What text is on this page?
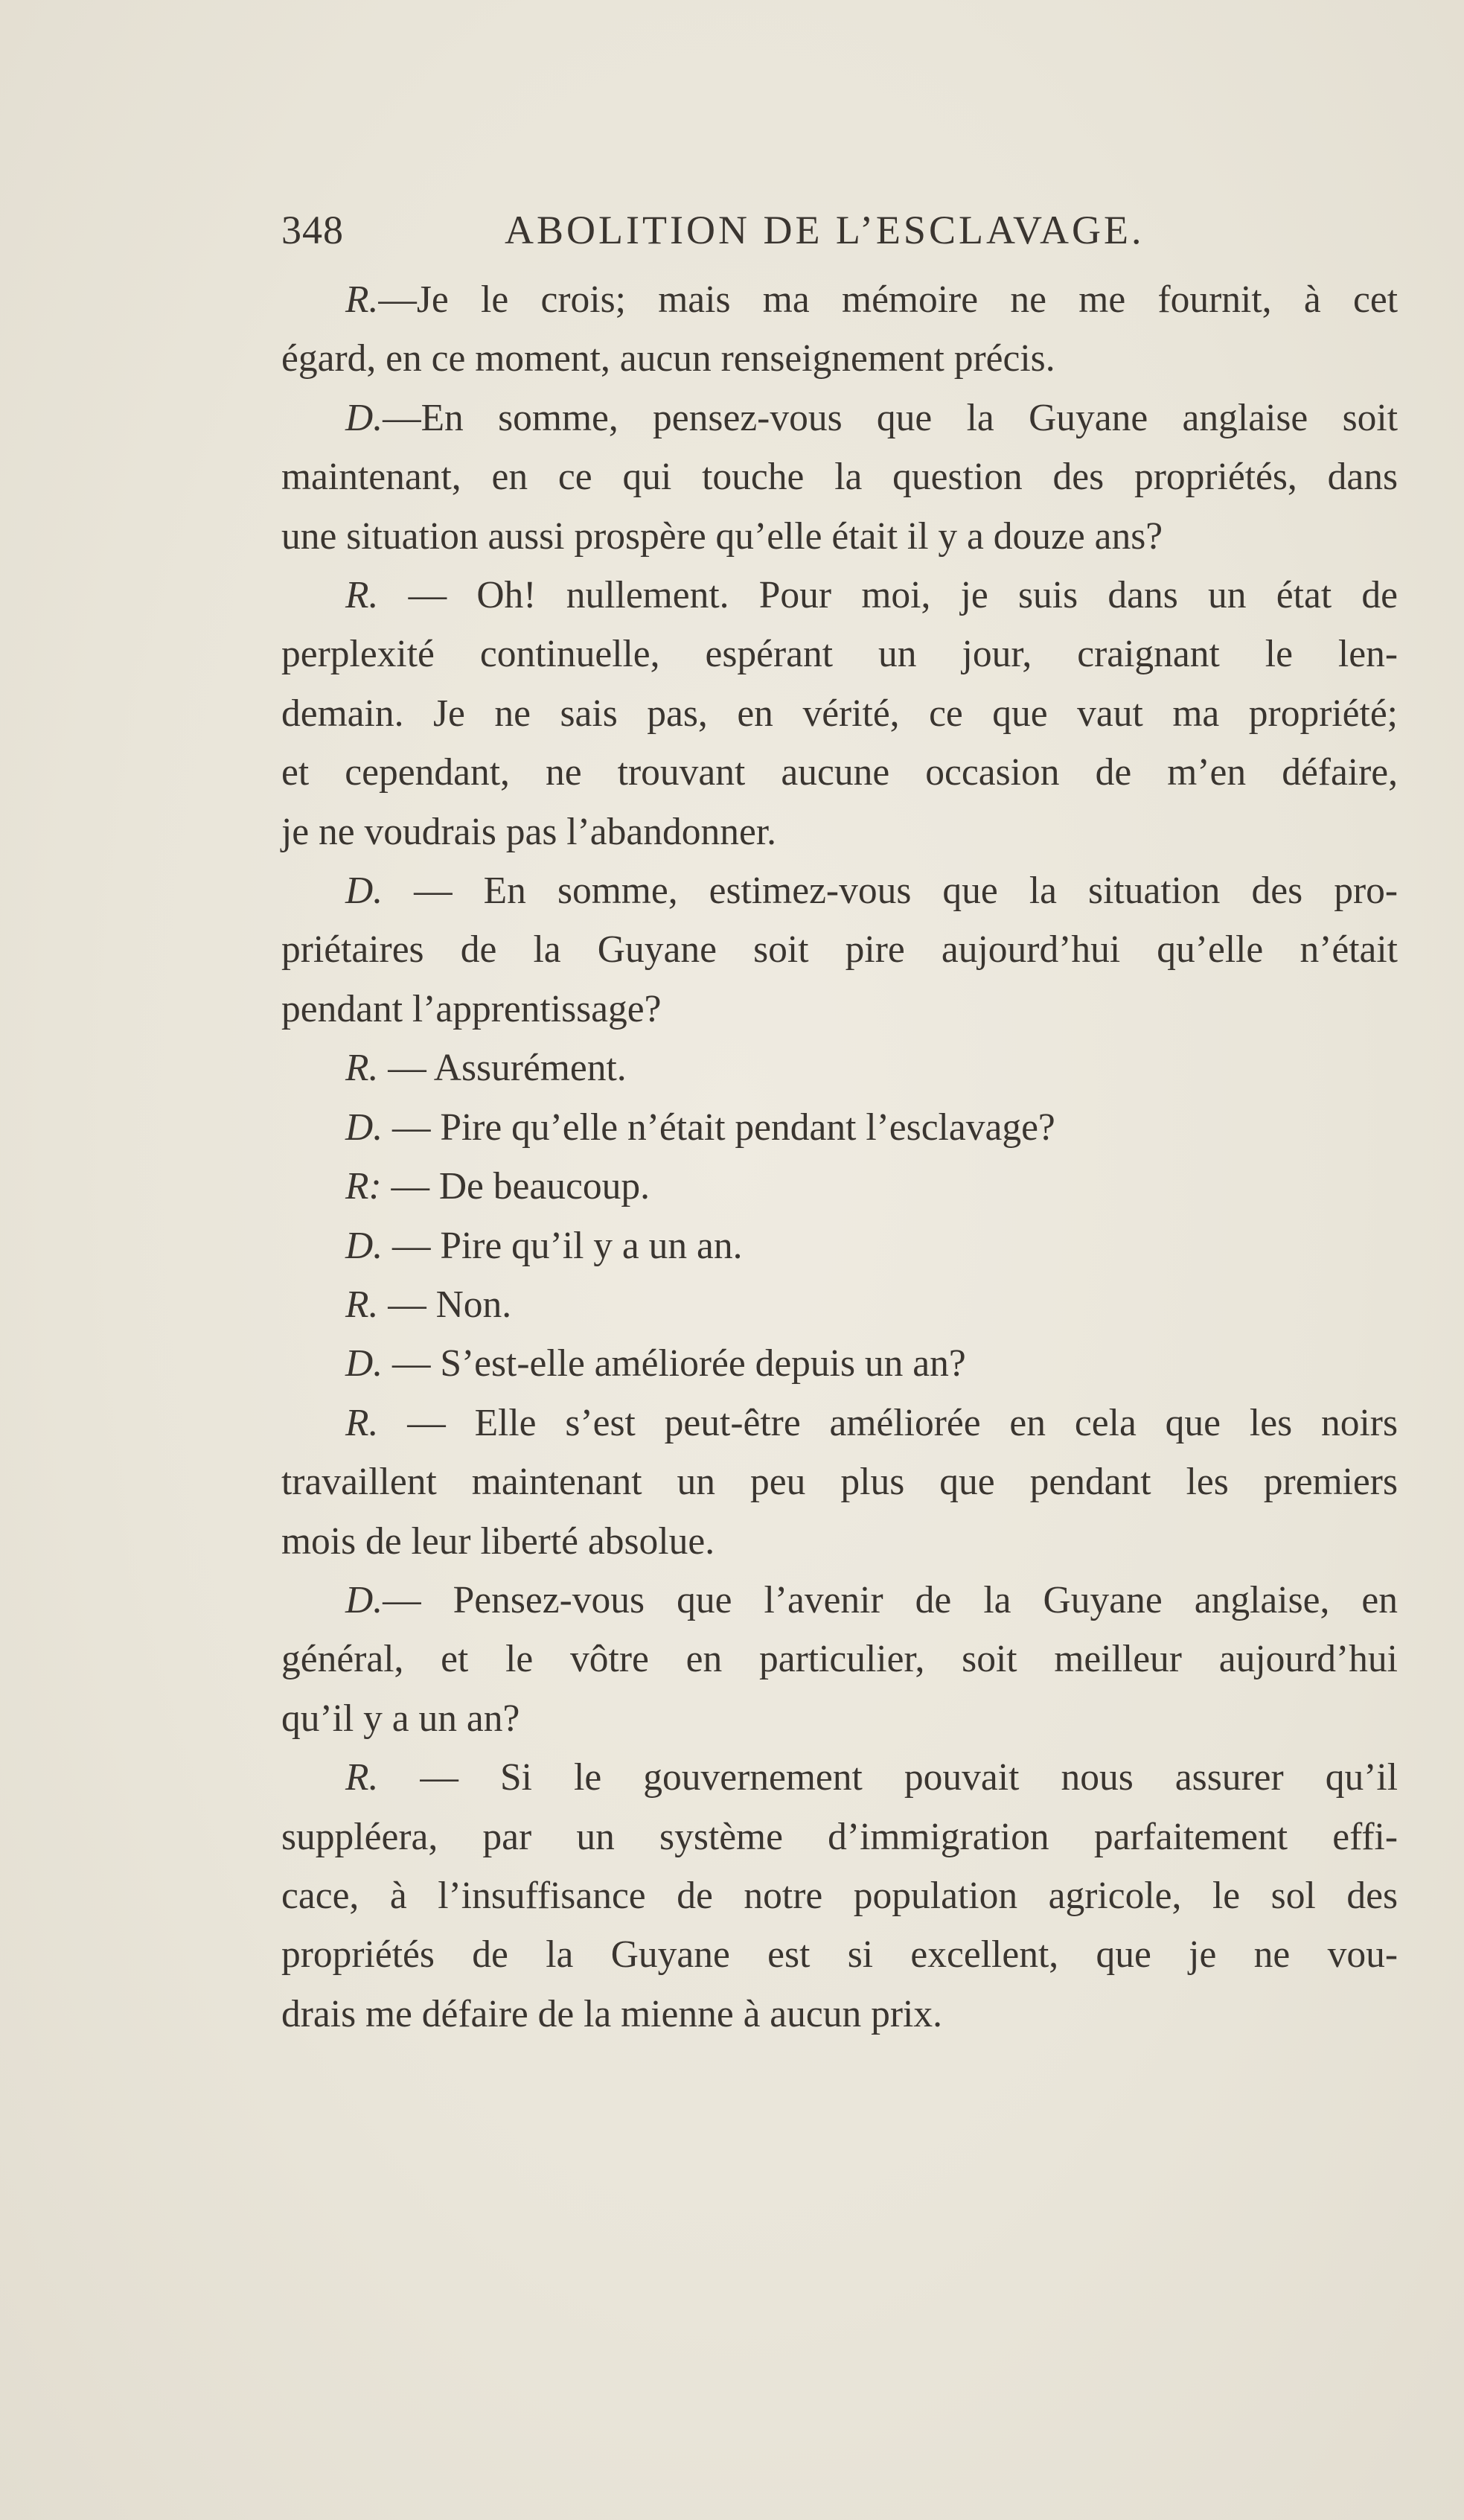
348	ABOLITION DE L’ESCLAVAGE.
R.—Je le crois; mais ma mémoire ne me fournit, à cet
égard, en ce moment, aucun renseignement précis.
D.—En somme, pensez-vous que la Guyane anglaise soit
maintenant, en ce qui touche la question des propriétés, dans
une situation aussi prospère qu’elle était il y a douze ans?
R. — Oh! nullement. Pour moi, je suis dans un état de
perplexité continuelle, espérant un jour, craignant le len-
demain. Je ne sais pas, en vérité, ce que vaut ma propriété;
et cependant, ne trouvant aucune occasion de m’en défaire,
je ne voudrais pas l’abandonner.
D. — En somme, estimez-vous que la situation des pro-
priétaires de la Guyane soit pire aujourd’hui qu’elle n’était
pendant l’apprentissage?
R. — Assurément.
D. — Pire qu’elle n’était pendant l’esclavage?
R: — De beaucoup.
D. — Pire qu’il y a un an.
R. — Non.
D. — S’est-elle améliorée depuis un an?
R. — Elle s’est peut-être améliorée en cela que les noirs
travaillent maintenant un peu plus que pendant les premiers
mois de leur liberté absolue.
D.— Pensez-vous que l’avenir de la Guyane anglaise, en
général, et le vôtre en particulier, soit meilleur aujourd’hui
qu’il y a un an?
R. — Si le gouvernement pouvait nous assurer qu’il
suppléera, par un système d’immigration parfaitement effi-
cace, à l’insuffisance de notre population agricole, le sol des
propriétés de la Guyane est si excellent, que je ne vou-
drais me défaire de la mienne à aucun prix.
